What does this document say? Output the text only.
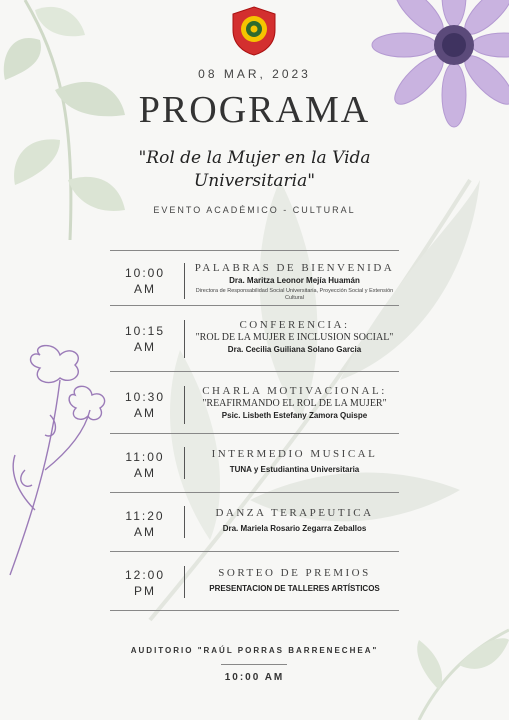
08 MAR, 2023
PROGRAMA
"Rol de la Mujer en la Vida
Universitaria"
EVENTO ACADÉMICO - CULTURAL
10:00
AM
PALABRAS DE BIENVENIDA
Dra. Maritza Leonor Mejía Huamán
Directora de Responsabilidad Social Universitaria, Proyección Social y Extensión Cultural
10:15
AM
CONFERENCIA:
"ROL DE LA MUJER E INCLUSION SOCIAL"
Dra. Cecilia Guiliana Solano Garcia
10:30
AM
CHARLA MOTIVACIONAL:
"REAFIRMANDO EL ROL DE LA MUJER"
Psic. Lisbeth Estefany Zamora Quispe
11:00
AM
INTERMEDIO MUSICAL
TUNA y Estudiantina Universitaria
11:20
AM
DANZA TERAPEUTICA
Dra. Mariela Rosario Zegarra Zeballos
12:00
PM
SORTEO DE PREMIOS
PRESENTACION DE TALLERES ARTÍSTICOS
AUDITORIO "RAÚL PORRAS BARRENECHEA"
10:00 AM
